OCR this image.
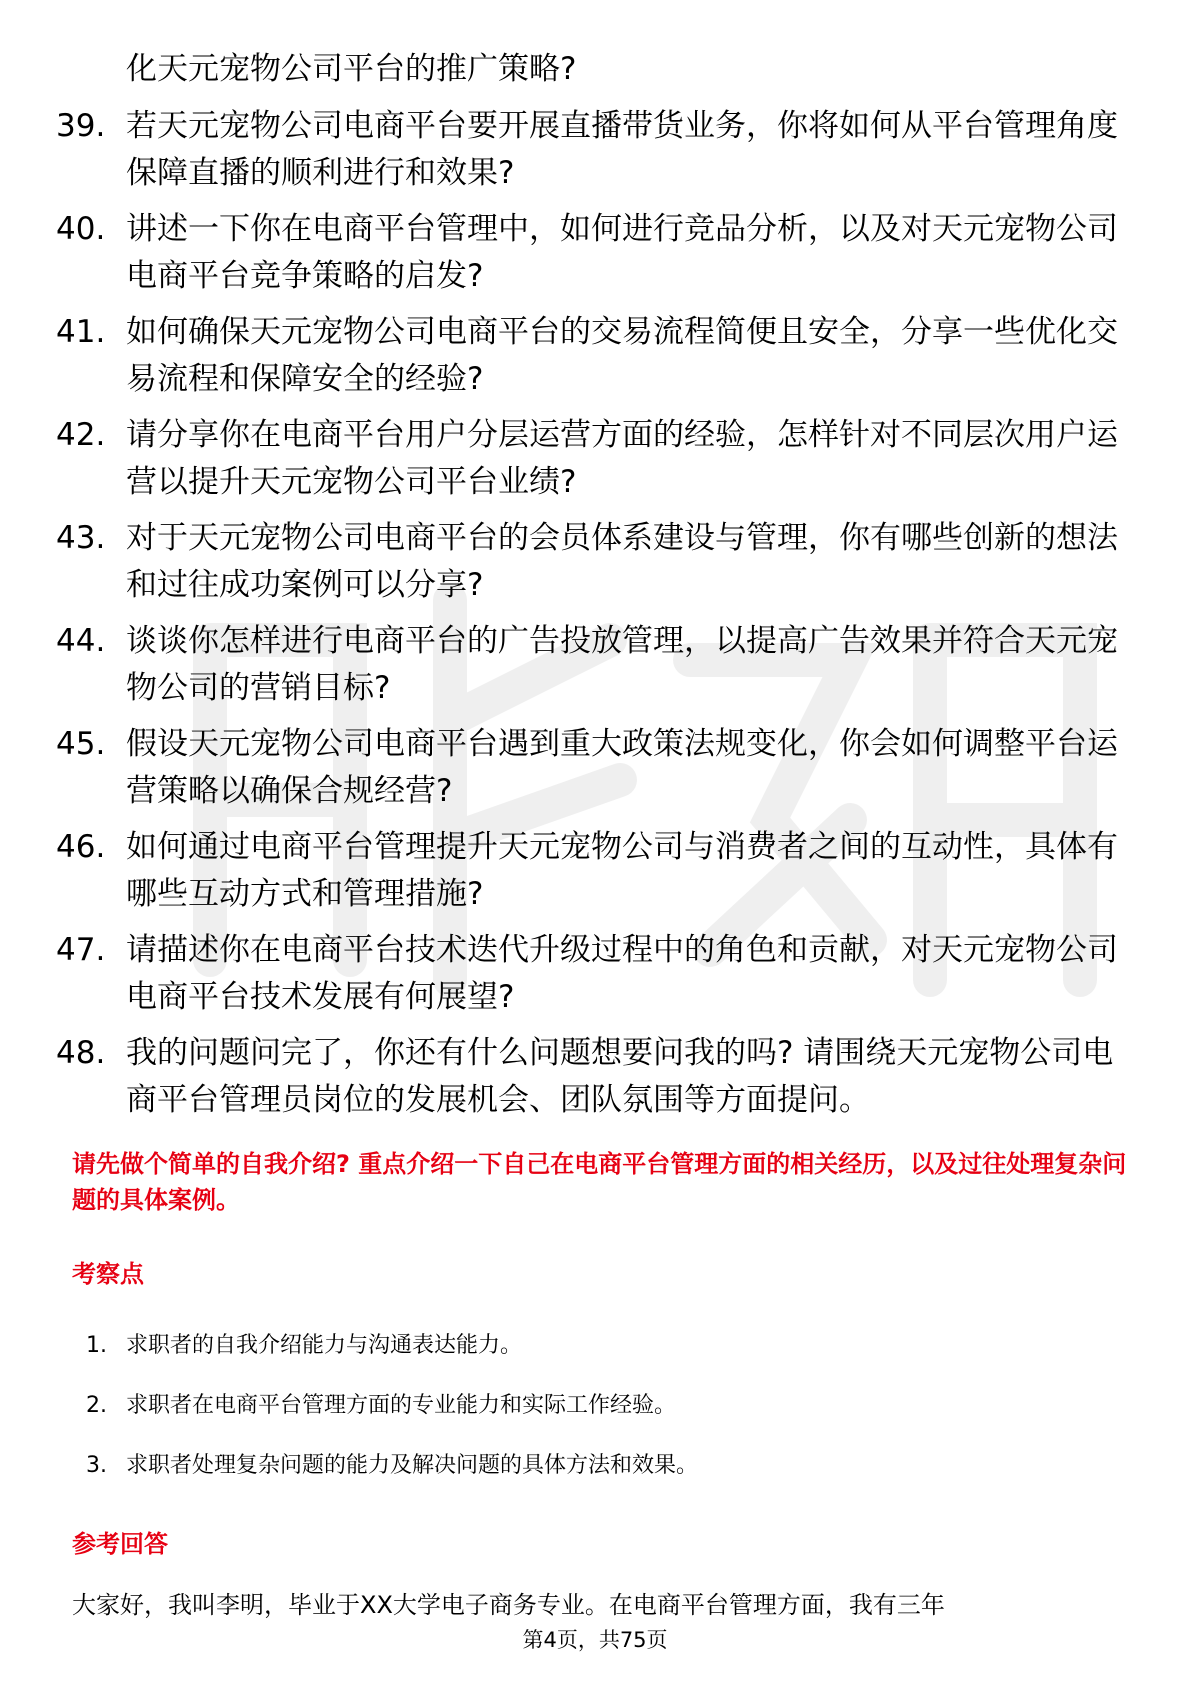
化天元宠物公司平台的推广策略?
39. 若天元宠物公司电商平台要开展直播带货业务，你将如何从平台管理角度保障直播的顺利进行和效果?
40. 讲述一下你在电商平台管理中，如何进行竞品分析，以及对天元宠物公司电商平台竞争策略的启发?
41. 如何确保天元宠物公司电商平台的交易流程简便且安全，分享一些优化交易流程和保障安全的经验?
42. 请分享你在电商平台用户分层运营方面的经验，怎样针对不同层次用户运营以提升天元宠物公司平台业绩?
43. 对于天元宠物公司电商平台的会员体系建设与管理，你有哪些创新的想法和过往成功案例可以分享?
44. 谈谈你怎样进行电商平台的广告投放管理，以提高广告效果并符合天元宠物公司的营销目标?
45. 假设天元宠物公司电商平台遇到重大政策法规变化，你会如何调整平台运营策略以确保合规经营?
46. 如何通过电商平台管理提升天元宠物公司与消费者之间的互动性，具体有哪些互动方式和管理措施?
47. 请描述你在电商平台技术迭代升级过程中的角色和贡献，对天元宠物公司电商平台技术发展有何展望?
48. 我的问题问完了，你还有什么问题想要问我的吗? 请围绕天元宠物公司电商平台管理员岗位的发展机会、团队氛围等方面提问。
请先做个简单的自我介绍? 重点介绍一下自己在电商平台管理方面的相关经历，以及过往处理复杂问题的具体案例。
考察点
1. 求职者的自我介绍能力与沟通表达能力。
2. 求职者在电商平台管理方面的专业能力和实际工作经验。
3. 求职者处理复杂问题的能力及解决问题的具体方法和效果。
参考回答
大家好，我叫李明，毕业于XX大学电子商务专业。在电商平台管理方面，我有三年
第4页，共75页
